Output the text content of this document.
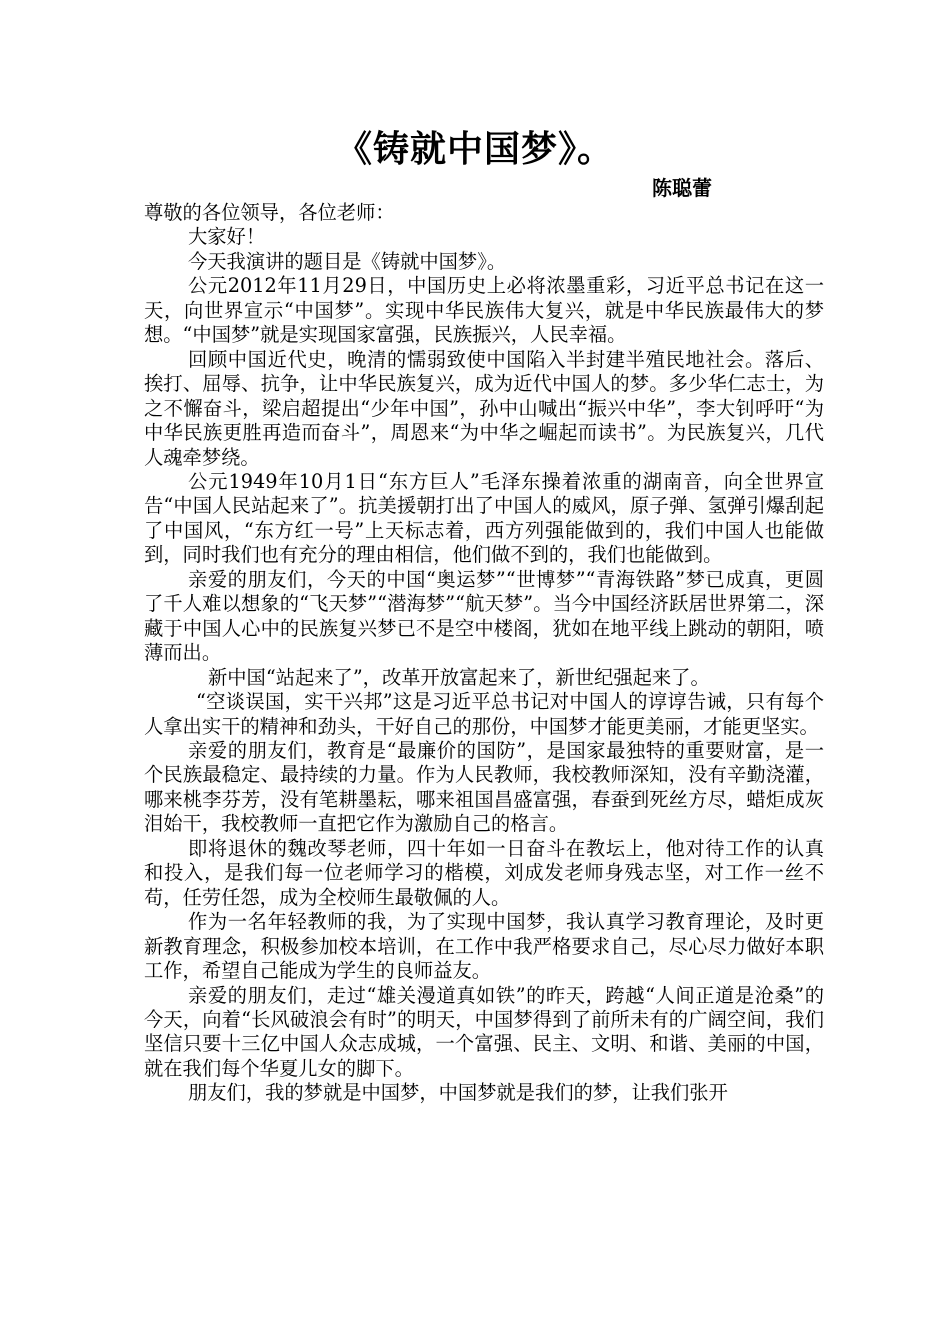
《铸就中国梦》。
陈聪蕾

尊敬的各位领导，各位老师：

大家好！

今天我演讲的题目是《铸就中国梦》。

公元2012年11月29日，中国历史上必将浓墨重彩，习近平总书记在这一天，向世界宣示“中国梦”。实现中华民族伟大复兴，就是中华民族最伟大的梦想。“中国梦”就是实现国家富强，民族振兴，人民幸福。

回顾中国近代史，晚清的懦弱致使中国陷入半封建半殖民地社会。落后、挨打、屈辱、抗争，让中华民族复兴，成为近代中国人的梦。多少华仁志士，为之不懈奋斗，梁启超提出“少年中国”，孙中山喊出“振兴中华”，李大钊呼吁“为中华民族更胜再造而奋斗”，周恩来“为中华之崛起而读书”。为民族复兴，几代人魂牵梦绕。

公元1949年10月1日“东方巨人”毛泽东操着浓重的湖南音，向全世界宣告“中国人民站起来了”。抗美援朝打出了中国人的威风，原子弹、氢弹引爆刮起了中国风，“东方红一号”上天标志着，西方列强能做到的，我们中国人也能做到，同时我们也有充分的理由相信，他们做不到的，我们也能做到。

亲爱的朋友们，今天的中国“奥运梦”“世博梦”“青海铁路”梦已成真，更圆了千人难以想象的“飞天梦”“潜海梦”“航天梦”。当今中国经济跃居世界第二，深藏于中国人心中的民族复兴梦已不是空中楼阁，犹如在地平线上跳动的朝阳，喷薄而出。

新中国“站起来了”，改革开放富起来了，新世纪强起来了。

“空谈误国，实干兴邦”这是习近平总书记对中国人的谆谆告诫，只有每个人拿出实干的精神和劲头，干好自己的那份，中国梦才能更美丽，才能更坚实。

亲爱的朋友们，教育是“最廉价的国防”，是国家最独特的重要财富，是一个民族最稳定、最持续的力量。作为人民教师，我校教师深知，没有辛勤浇灌，哪来桃李芬芳，没有笔耕墨耘，哪来祖国昌盛富强，春蚕到死丝方尽，蜡炬成灰泪始干，我校教师一直把它作为激励自己的格言。

即将退休的魏改琴老师，四十年如一日奋斗在教坛上，他对待工作的认真和投入，是我们每一位老师学习的楷模，刘成发老师身残志坚，对工作一丝不苟，任劳任怨，成为全校师生最敬佩的人。

作为一名年轻教师的我，为了实现中国梦，我认真学习教育理论，及时更新教育理念，积极参加校本培训，在工作中我严格要求自己，尽心尽力做好本职工作，希望自己能成为学生的良师益友。

亲爱的朋友们，走过“雄关漫道真如铁”的昨天，跨越“人间正道是沧桑”的今天，向着“长风破浪会有时”的明天，中国梦得到了前所未有的广阔空间，我们坚信只要十三亿中国人众志成城，一个富强、民主、文明、和谐、美丽的中国，就在我们每个华夏儿女的脚下。

朋友们，我的梦就是中国梦，中国梦就是我们的梦，让我们张开
